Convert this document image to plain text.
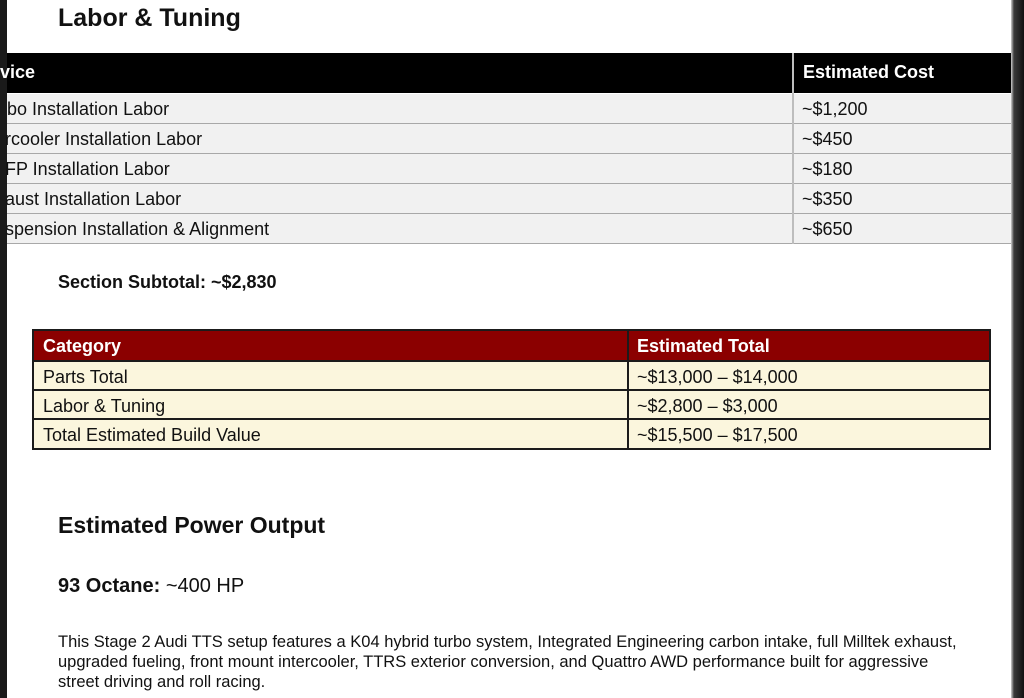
Labor & Tuning
vice	Estimated Cost
bo Installation Labor	~$1,200
rcooler Installation Labor	~$450
FP Installation Labor	~$180
aust Installation Labor	~$350
spension Installation & Alignment	~$650
Section Subtotal: ~$2,830
Category	Estimated Total
Parts Total	~$13,000 – $14,000
Labor & Tuning	~$2,800 – $3,000
Total Estimated Build Value	~$15,500 – $17,500
Estimated Power Output
93 Octane: ~400 HP

This Stage 2 Audi TTS setup features a K04 hybrid turbo system, Integrated Engineering carbon intake, full Milltek exhaust, upgraded fueling, front mount intercooler, TTRS exterior conversion, and Quattro AWD performance built for aggressive street driving and roll racing.
